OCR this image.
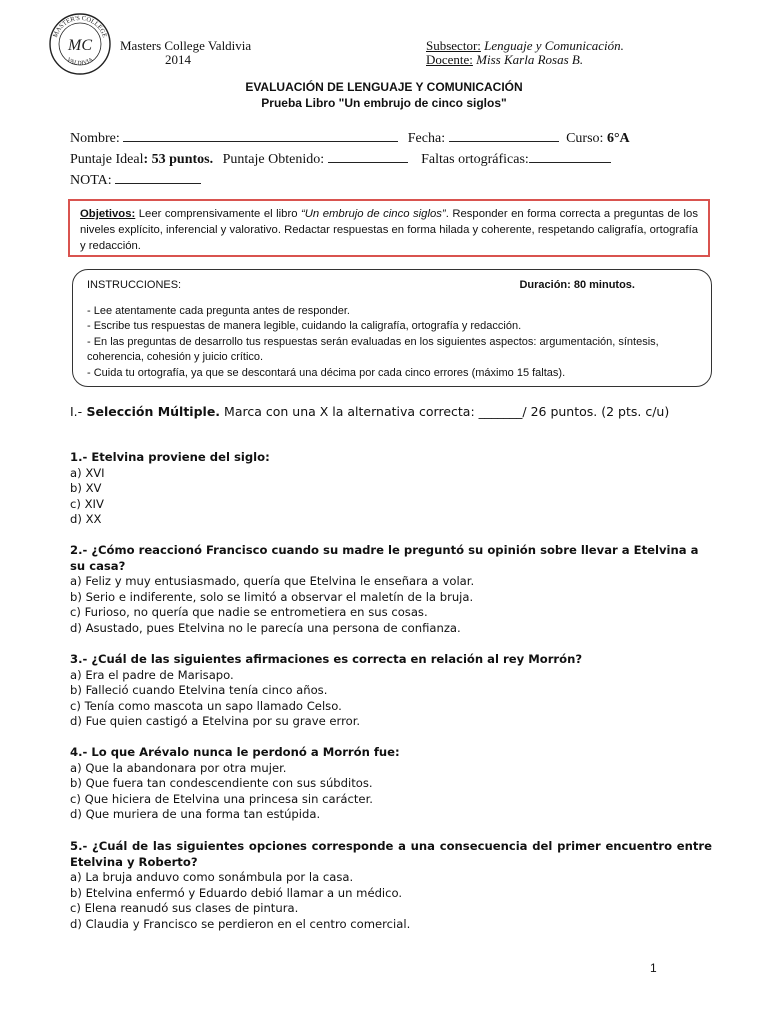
MASTER'S COLLEGE
VALDIVIA
MC Masters College Valdivia
2014
Subsector: Lenguaje y Comunicación.
Docente: Miss Karla Rosas B.
EVALUACIÓN DE LENGUAJE Y COMUNICACIÓN
Prueba Libro "Un embrujo de cinco siglos"
Nombre:	Fecha:	Curso: 6°A
Puntaje Ideal: 53 puntos. Puntaje Obtenido:	Faltas ortográficas:
NOTA:
Objetivos: Leer comprensivamente el libro “Un embrujo de cinco siglos”. Responder en forma correcta a preguntas de los niveles explícito, inferencial y valorativo. Redactar respuestas en forma hilada y coherente, respetando caligrafía, ortografía y redacción.
INSTRUCCIONES:	Duración: 80 minutos.
- Lee atentamente cada pregunta antes de responder.
- Escribe tus respuestas de manera legible, cuidando la caligrafía, ortografía y redacción.
- En las preguntas de desarrollo tus respuestas serán evaluadas en los siguientes aspectos: argumentación, síntesis, coherencia, cohesión y juicio crítico.
- Cuida tu ortografía, ya que se descontará una décima por cada cinco errores (máximo 15 faltas).
I.- Selección Múltiple. Marca con una X la alternativa correcta: _______/ 26 puntos. (2 pts. c/u)
1.- Etelvina proviene del siglo:
a) XVI
b) XV
c) XIV
d) XX
2.- ¿Cómo reaccionó Francisco cuando su madre le preguntó su opinión sobre llevar a Etelvina a su casa?
a) Feliz y muy entusiasmado, quería que Etelvina le enseñara a volar.
b) Serio e indiferente, solo se limitó a observar el maletín de la bruja.
c) Furioso, no quería que nadie se entrometiera en sus cosas.
d) Asustado, pues Etelvina no le parecía una persona de confianza.
3.- ¿Cuál de las siguientes afirmaciones es correcta en relación al rey Morrón?
a) Era el padre de Marisapo.
b) Falleció cuando Etelvina tenía cinco años.
c) Tenía como mascota un sapo llamado Celso.
d) Fue quien castigó a Etelvina por su grave error.
4.- Lo que Arévalo nunca le perdonó a Morrón fue:
a) Que la abandonara por otra mujer.
b) Que fuera tan condescendiente con sus súbditos.
c) Que hiciera de Etelvina una princesa sin carácter.
d) Que muriera de una forma tan estúpida.
5.- ¿Cuál de las siguientes opciones corresponde a una consecuencia del primer encuentro entre Etelvina y Roberto?
a) La bruja anduvo como sonámbula por la casa.
b) Etelvina enfermó y Eduardo debió llamar a un médico.
c) Elena reanudó sus clases de pintura.
d) Claudia y Francisco se perdieron en el centro comercial.
1
